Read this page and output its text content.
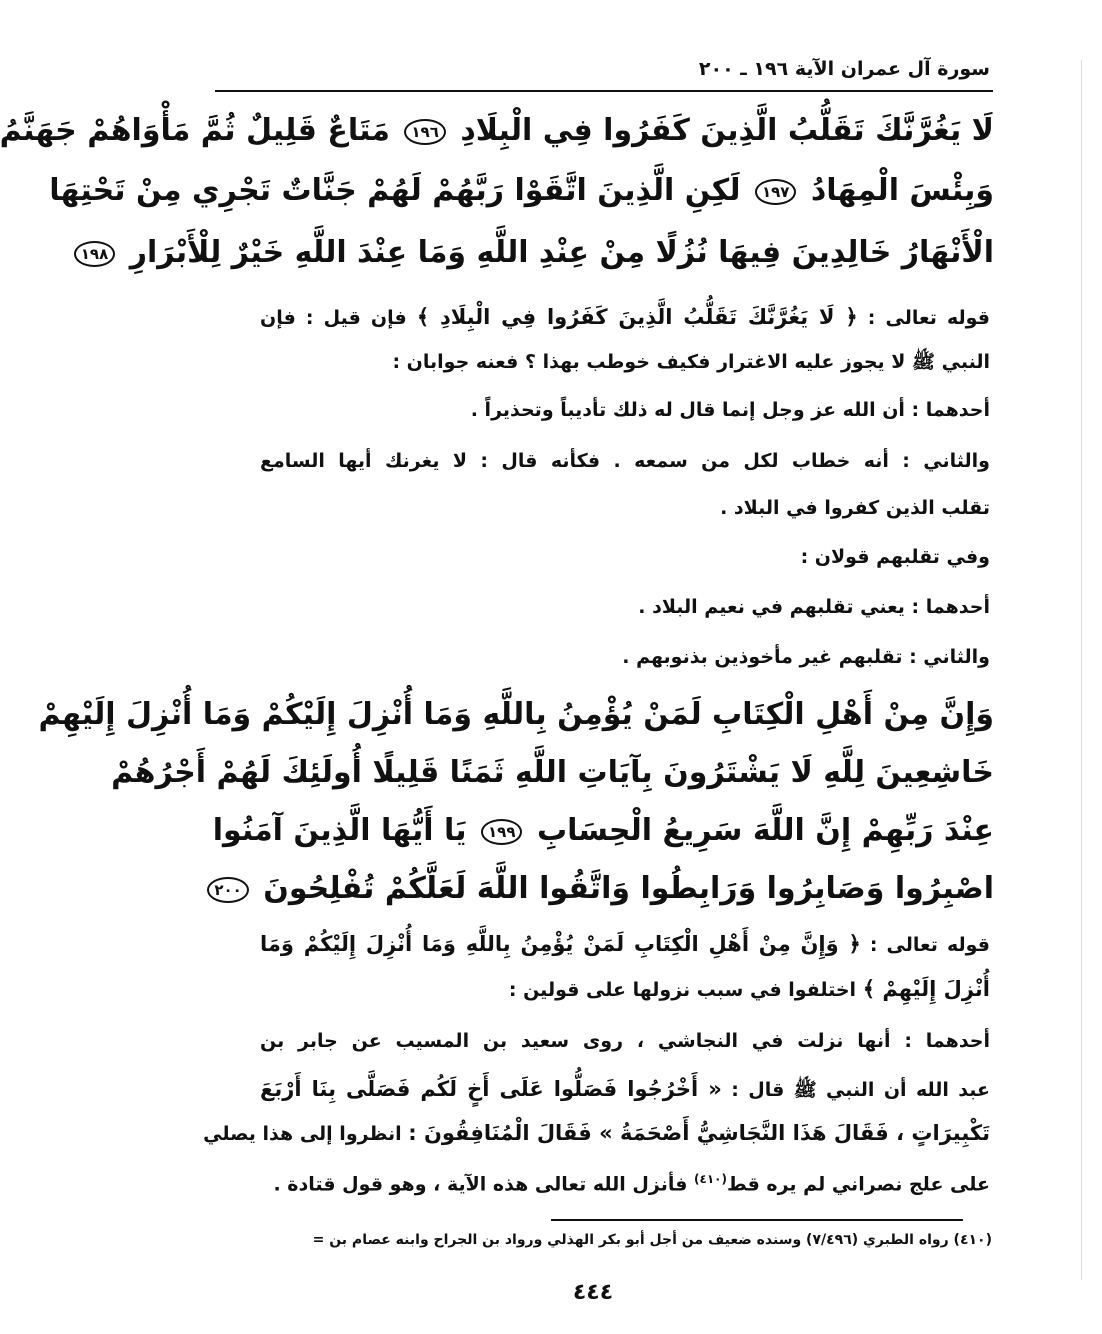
سورة آل عمران الآية ١٩٦ ـ ٢٠٠
لَا يَغُرَّنَّكَ تَقَلُّبُ الَّذِينَ كَفَرُوا فِي الْبِلَادِ ١٩٦ مَتَاعٌ قَلِيلٌ ثُمَّ مَأْوَاهُمْ جَهَنَّمُ
وَبِئْسَ الْمِهَادُ ١٩٧ لَكِنِ الَّذِينَ اتَّقَوْا رَبَّهُمْ لَهُمْ جَنَّاتٌ تَجْرِي مِنْ تَحْتِهَا
الْأَنْهَارُ خَالِدِينَ فِيهَا نُزُلًا مِنْ عِنْدِ اللَّهِ وَمَا عِنْدَ اللَّهِ خَيْرٌ لِلْأَبْرَارِ ١٩٨
قوله تعالى : ﴿ لَا يَغُرَّنَّكَ تَقَلُّبُ الَّذِينَ كَفَرُوا فِي الْبِلَادِ ﴾ فإن قيل : فإن
النبي ﷺ لا يجوز عليه الاغترار فكيف خوطب بهذا ؟ فعنه جوابان :
أحدهما : أن الله عز وجل إنما قال له ذلك تأديباً وتحذيراً .
والثاني : أنه خطاب لكل من سمعه . فكأنه قال : لا يغرنك أيها السامع
تقلب الذين كفروا في البلاد .
وفي تقلبهم قولان :
أحدهما : يعني تقلبهم في نعيم البلاد .
والثاني : تقلبهم غير مأخوذين بذنوبهم .
وَإِنَّ مِنْ أَهْلِ الْكِتَابِ لَمَنْ يُؤْمِنُ بِاللَّهِ وَمَا أُنْزِلَ إِلَيْكُمْ وَمَا أُنْزِلَ إِلَيْهِمْ
خَاشِعِينَ لِلَّهِ لَا يَشْتَرُونَ بِآيَاتِ اللَّهِ ثَمَنًا قَلِيلًا أُولَئِكَ لَهُمْ أَجْرُهُمْ
عِنْدَ رَبِّهِمْ إِنَّ اللَّهَ سَرِيعُ الْحِسَابِ ١٩٩ يَا أَيُّهَا الَّذِينَ آمَنُوا
اصْبِرُوا وَصَابِرُوا وَرَابِطُوا وَاتَّقُوا اللَّهَ لَعَلَّكُمْ تُفْلِحُونَ ٢٠٠
قوله تعالى : ﴿ وَإِنَّ مِنْ أَهْلِ الْكِتَابِ لَمَنْ يُؤْمِنُ بِاللَّهِ وَمَا أُنْزِلَ إِلَيْكُمْ وَمَا
أُنْزِلَ إِلَيْهِمْ ﴾ اختلفوا في سبب نزولها على قولين :
أحدهما : أنها نزلت في النجاشي ، روى سعيد بن المسيب عن جابر بن
عبد الله أن النبي ﷺ قال : « أَخْرُجُوا فَصَلُّوا عَلَى أَخٍ لَكُم فَصَلَّى بِنَا أَرْبَعَ
تَكْبِيرَاتٍ ، فَقَالَ هَذَا النَّجَاشِيُّ أَصْحَمَةُ » فَقَالَ الْمُنَافِقُونَ : انظروا إلى هذا يصلي
على علج نصراني لم يره قط$^{(٤١٠)}$ فأنزل الله تعالى هذه الآية ، وهو قول قتادة .
(٤١٠) رواه الطبري (٧/٤٩٦) وسنده ضعيف من أجل أبو بكر الهذلي ورواد بن الجراح وابنه عصام بن =
٤٤٤
